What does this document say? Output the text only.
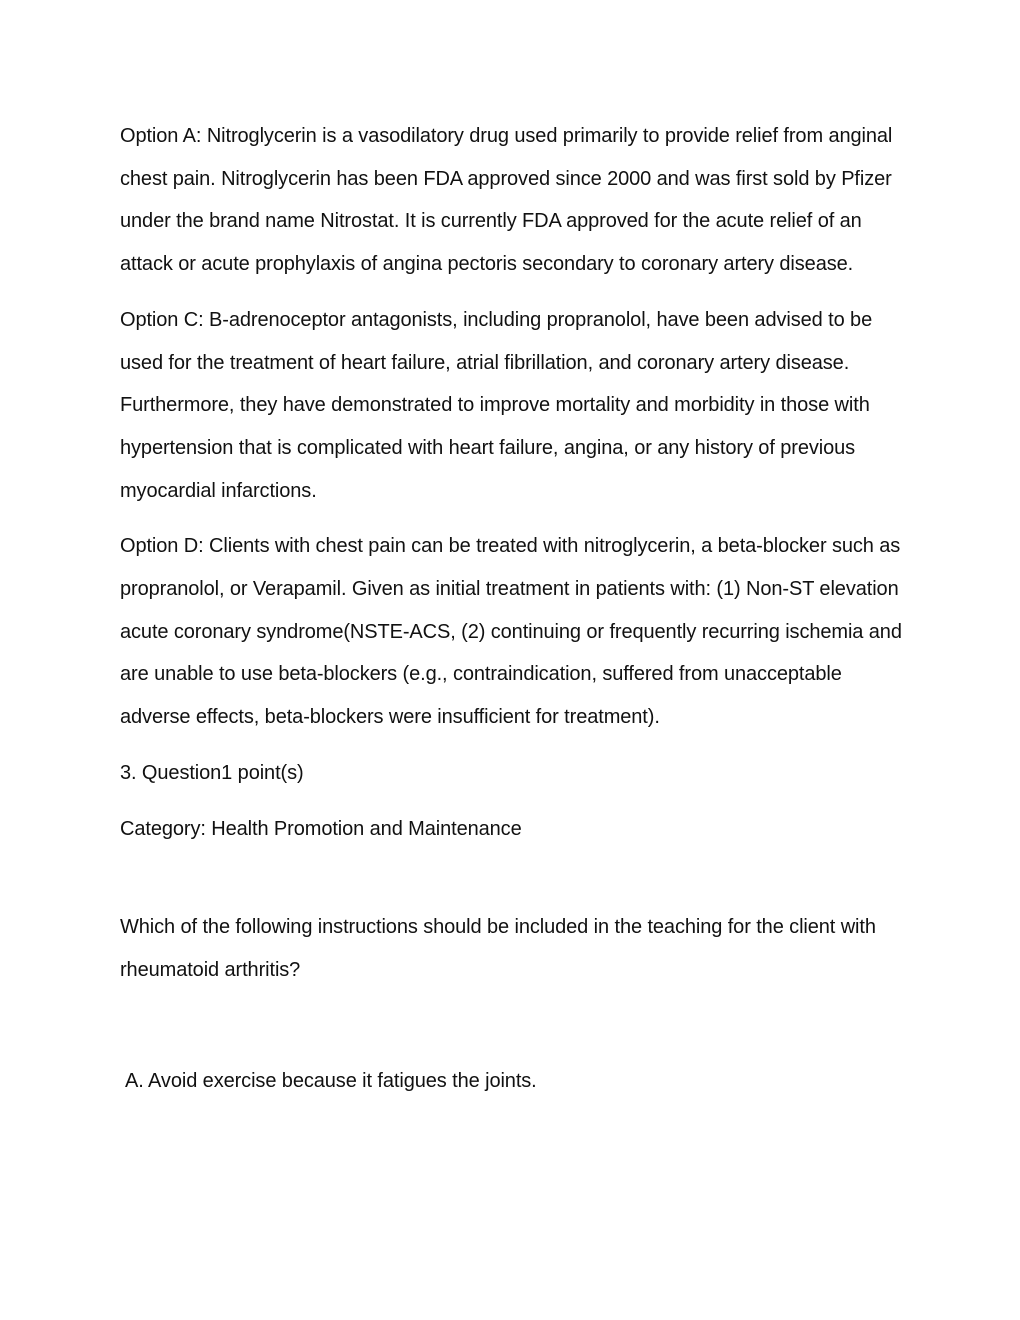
Option A: Nitroglycerin is a vasodilatory drug used primarily to provide relief from anginal chest pain. Nitroglycerin has been FDA approved since 2000 and was first sold by Pfizer under the brand name Nitrostat. It is currently FDA approved for the acute relief of an attack or acute prophylaxis of angina pectoris secondary to coronary artery disease.

Option C: B-adrenoceptor antagonists, including propranolol, have been advised to be used for the treatment of heart failure, atrial fibrillation, and coronary artery disease. Furthermore, they have demonstrated to improve mortality and morbidity in those with hypertension that is complicated with heart failure, angina, or any history of previous myocardial infarctions.

Option D: Clients with chest pain can be treated with nitroglycerin, a beta-blocker such as propranolol, or Verapamil. Given as initial treatment in patients with: (1) Non-ST elevation acute coronary syndrome(NSTE-ACS, (2) continuing or frequently recurring ischemia and are unable to use beta-blockers (e.g., contraindication, suffered from unacceptable adverse effects, beta-blockers were insufficient for treatment).

3. Question1 point(s)

Category: Health Promotion and Maintenance

Which of the following instructions should be included in the teaching for the client with rheumatoid arthritis?

A. Avoid exercise because it fatigues the joints.
